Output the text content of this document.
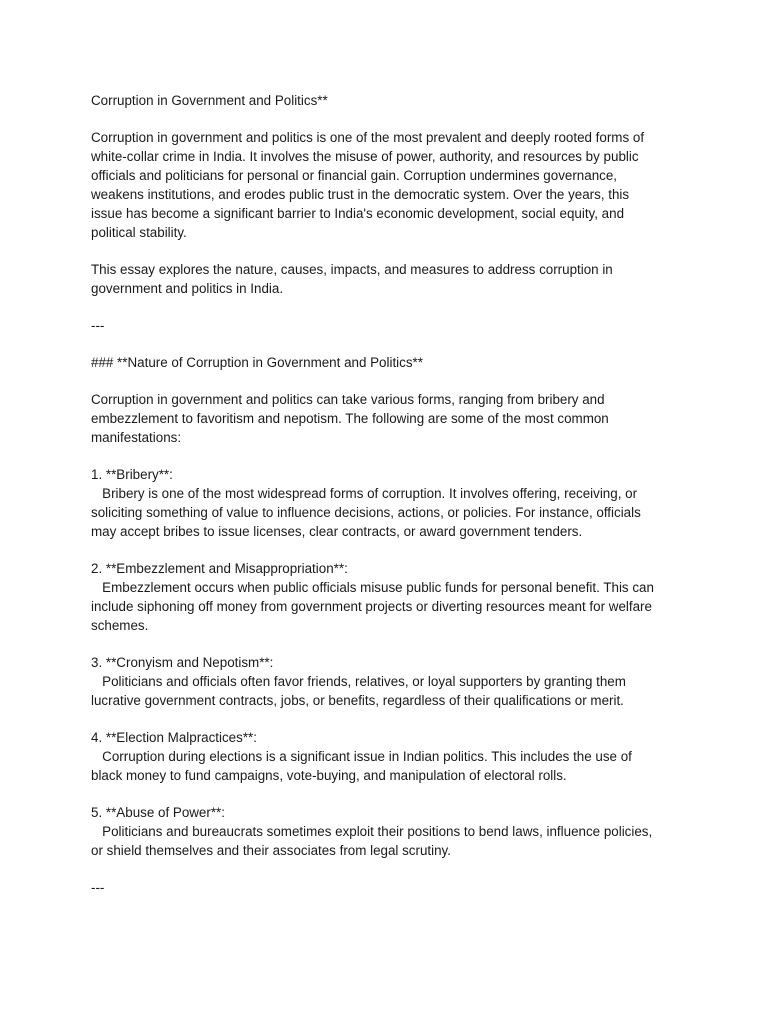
Corruption in Government and Politics**
Corruption in government and politics is one of the most prevalent and deeply rooted forms of
white-collar crime in India. It involves the misuse of power, authority, and resources by public
officials and politicians for personal or financial gain. Corruption undermines governance,
weakens institutions, and erodes public trust in the democratic system. Over the years, this
issue has become a significant barrier to India's economic development, social equity, and
political stability.
This essay explores the nature, causes, impacts, and measures to address corruption in
government and politics in India.
---
### **Nature of Corruption in Government and Politics**
Corruption in government and politics can take various forms, ranging from bribery and
embezzlement to favoritism and nepotism. The following are some of the most common
manifestations:
1. **Bribery**:
Bribery is one of the most widespread forms of corruption. It involves offering, receiving, or
soliciting something of value to influence decisions, actions, or policies. For instance, officials
may accept bribes to issue licenses, clear contracts, or award government tenders.
2. **Embezzlement and Misappropriation**:
Embezzlement occurs when public officials misuse public funds for personal benefit. This can
include siphoning off money from government projects or diverting resources meant for welfare
schemes.
3. **Cronyism and Nepotism**:
Politicians and officials often favor friends, relatives, or loyal supporters by granting them
lucrative government contracts, jobs, or benefits, regardless of their qualifications or merit.
4. **Election Malpractices**:
Corruption during elections is a significant issue in Indian politics. This includes the use of
black money to fund campaigns, vote-buying, and manipulation of electoral rolls.
5. **Abuse of Power**:
Politicians and bureaucrats sometimes exploit their positions to bend laws, influence policies,
or shield themselves and their associates from legal scrutiny.
---
